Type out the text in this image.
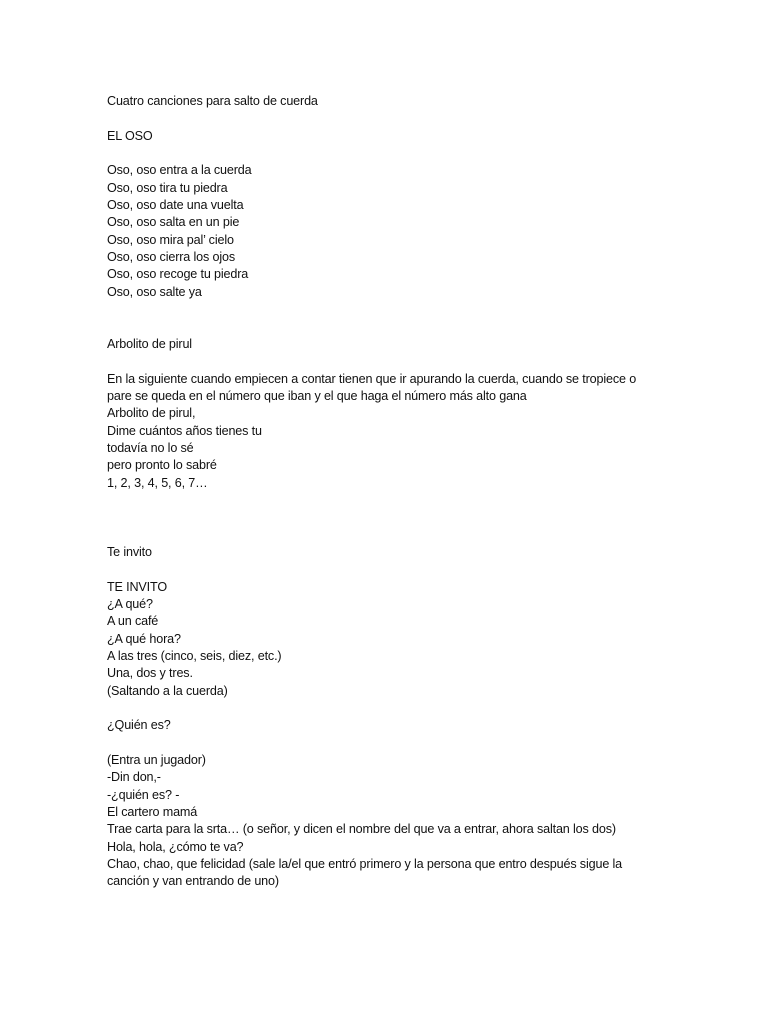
Cuatro canciones para salto de cuerda
EL OSO
Oso, oso entra a la cuerda
Oso, oso tira tu piedra
Oso, oso date una vuelta
Oso, oso salta en un pie
Oso, oso mira pal’ cielo
Oso, oso cierra los ojos
Oso, oso recoge tu piedra
Oso, oso salte ya
Arbolito de pirul
En la siguiente cuando empiecen a contar tienen que ir apurando la cuerda, cuando se tropiece o
pare se queda en el número que iban y el que haga el número más alto gana
Arbolito de pirul,
Dime cuántos años tienes tu
todavía no lo sé
pero pronto lo sabré
1, 2, 3, 4, 5, 6, 7…
Te invito
TE INVITO
¿A qué?
A un café
¿A qué hora?
A las tres (cinco, seis, diez, etc.)
Una, dos y tres.
(Saltando a la cuerda)
¿Quién es?
(Entra un jugador)
-Din don,-
-¿quién es? -
El cartero mamá
Trae carta para la srta… (o señor, y dicen el nombre del que va a entrar, ahora saltan los dos)
Hola, hola, ¿cómo te va?
Chao, chao, que felicidad (sale la/el que entró primero y la persona que entro después sigue la
canción y van entrando de uno)
